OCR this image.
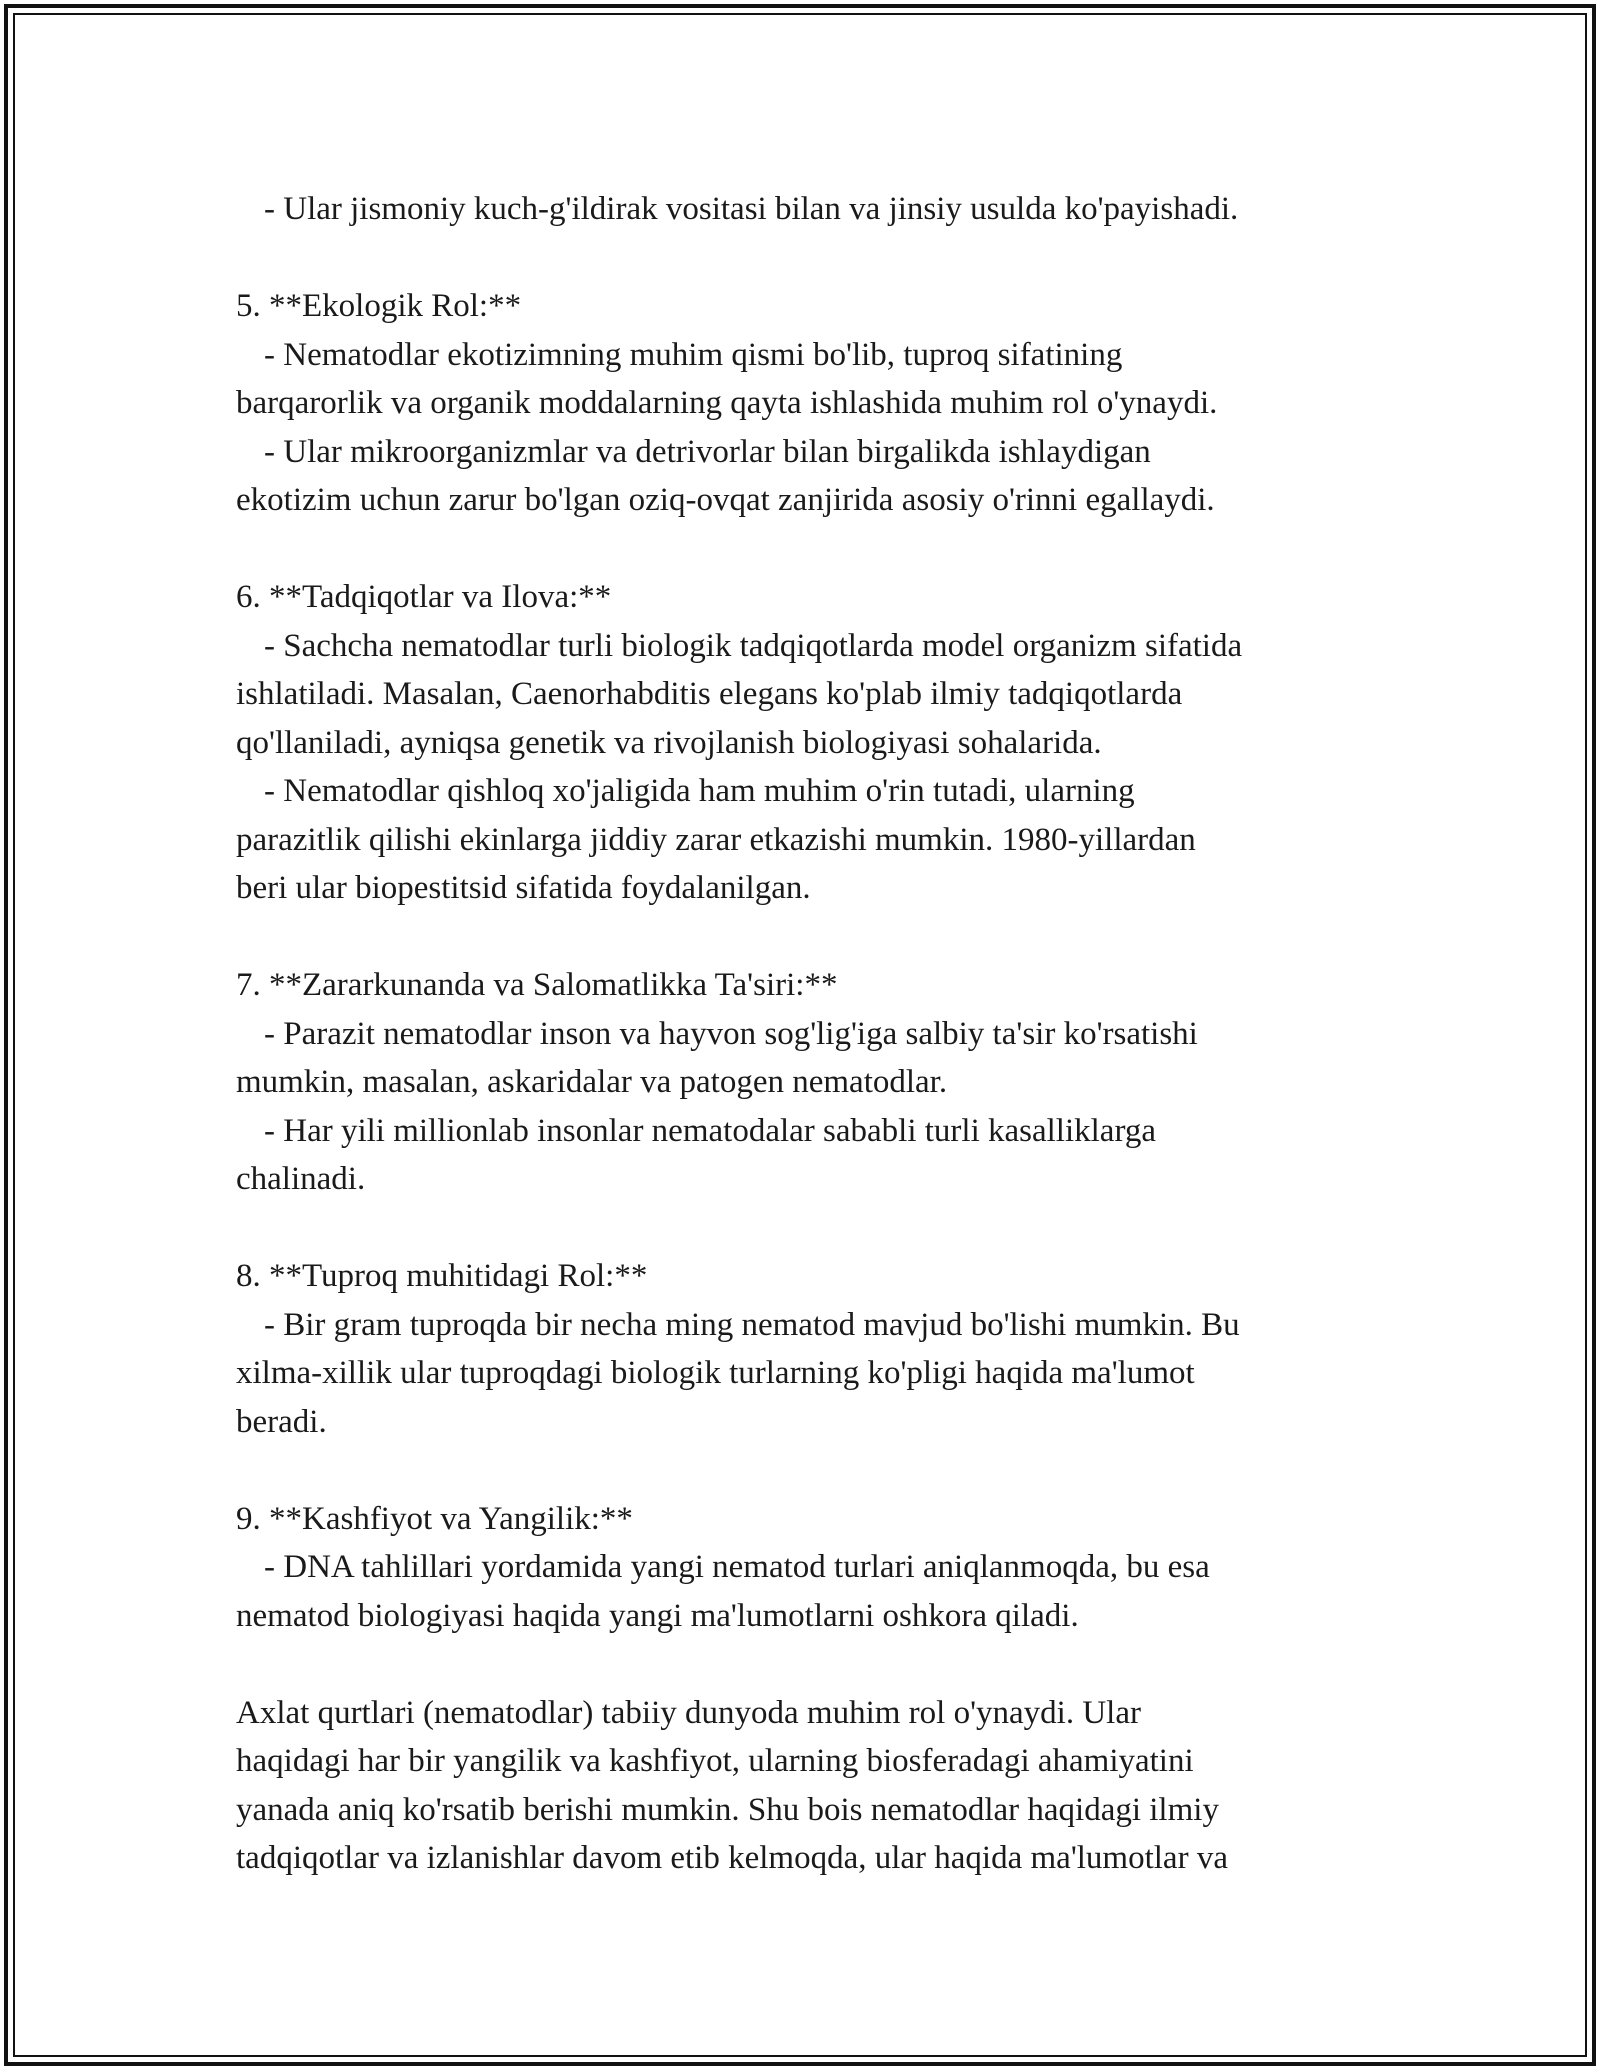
- Ular jismoniy kuch-g'ildirak vositasi bilan va jinsiy usulda ko'payishadi.
5. **Ekologik Rol:**
- Nematodlar ekotizimning muhim qismi bo'lib, tuproq sifatining
barqarorlik va organik moddalarning qayta ishlashida muhim rol o'ynaydi.
- Ular mikroorganizmlar va detrivorlar bilan birgalikda ishlaydigan
ekotizim uchun zarur bo'lgan oziq-ovqat zanjirida asosiy o'rinni egallaydi.
6. **Tadqiqotlar va Ilova:**
- Sachcha nematodlar turli biologik tadqiqotlarda model organizm sifatida
ishlatiladi. Masalan, Caenorhabditis elegans ko'plab ilmiy tadqiqotlarda
qo'llaniladi, ayniqsa genetik va rivojlanish biologiyasi sohalarida.
- Nematodlar qishloq xo'jaligida ham muhim o'rin tutadi, ularning
parazitlik qilishi ekinlarga jiddiy zarar etkazishi mumkin. 1980-yillardan
beri ular biopestitsid sifatida foydalanilgan.
7. **Zararkunanda va Salomatlikka Ta'siri:**
- Parazit nematodlar inson va hayvon sog'lig'iga salbiy ta'sir ko'rsatishi
mumkin, masalan, askaridalar va patogen nematodlar.
- Har yili millionlab insonlar nematodalar sababli turli kasalliklarga
chalinadi.
8. **Tuproq muhitidagi Rol:**
- Bir gram tuproqda bir necha ming nematod mavjud bo'lishi mumkin. Bu
xilma-xillik ular tuproqdagi biologik turlarning ko'pligi haqida ma'lumot
beradi.
9. **Kashfiyot va Yangilik:**
- DNA tahlillari yordamida yangi nematod turlari aniqlanmoqda, bu esa
nematod biologiyasi haqida yangi ma'lumotlarni oshkora qiladi.
Axlat qurtlari (nematodlar) tabiiy dunyoda muhim rol o'ynaydi. Ular
haqidagi har bir yangilik va kashfiyot, ularning biosferadagi ahamiyatini
yanada aniq ko'rsatib berishi mumkin. Shu bois nematodlar haqidagi ilmiy
tadqiqotlar va izlanishlar davom etib kelmoqda, ular haqida ma'lumotlar va
